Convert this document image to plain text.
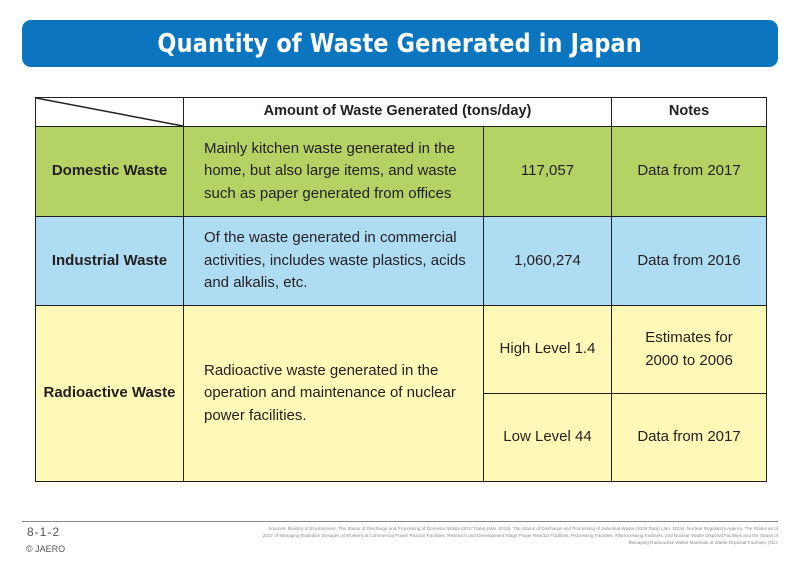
Quantity of Waste Generated in Japan
	Amount of Waste Generated (tons/day)		Notes
Domestic Waste	Mainly kitchen waste generated in the home, but also large items, and waste such as paper generated from offices	117,057	Data from 2017
Industrial Waste	Of the waste generated in commercial activities, includes waste plastics, acids and alkalis, etc.	1,060,274	Data from 2016
Radioactive Waste	Radioactive waste generated in the operation and maintenance of nuclear power facilities.	High Level 1.4	Estimates for 2000 to 2006
		Low Level 44	Data from 2017
8-1-2
© JAERO
Sources: Ministry of Environment, The Status of Discharge and Processing of Domestic Waste (2017 Data) (Mar. 2019), The Status of Discharge and Processing of Industrial Waste (2016 Data) (Jan. 2019), Nuclear Regulatory Agency, The Status as of 2017 of Managing Radiation Dosages of Workers at Commercial Power Reactor Facilities, Research and Development Stage Power Reactor Facilities, Processing Facilities, Reprocessing Facilities, and Nuclear Waste Disposal Facilities and the Status of Managing Radioactive Waste Materials at Waste Disposal Facilities, (Oct.
